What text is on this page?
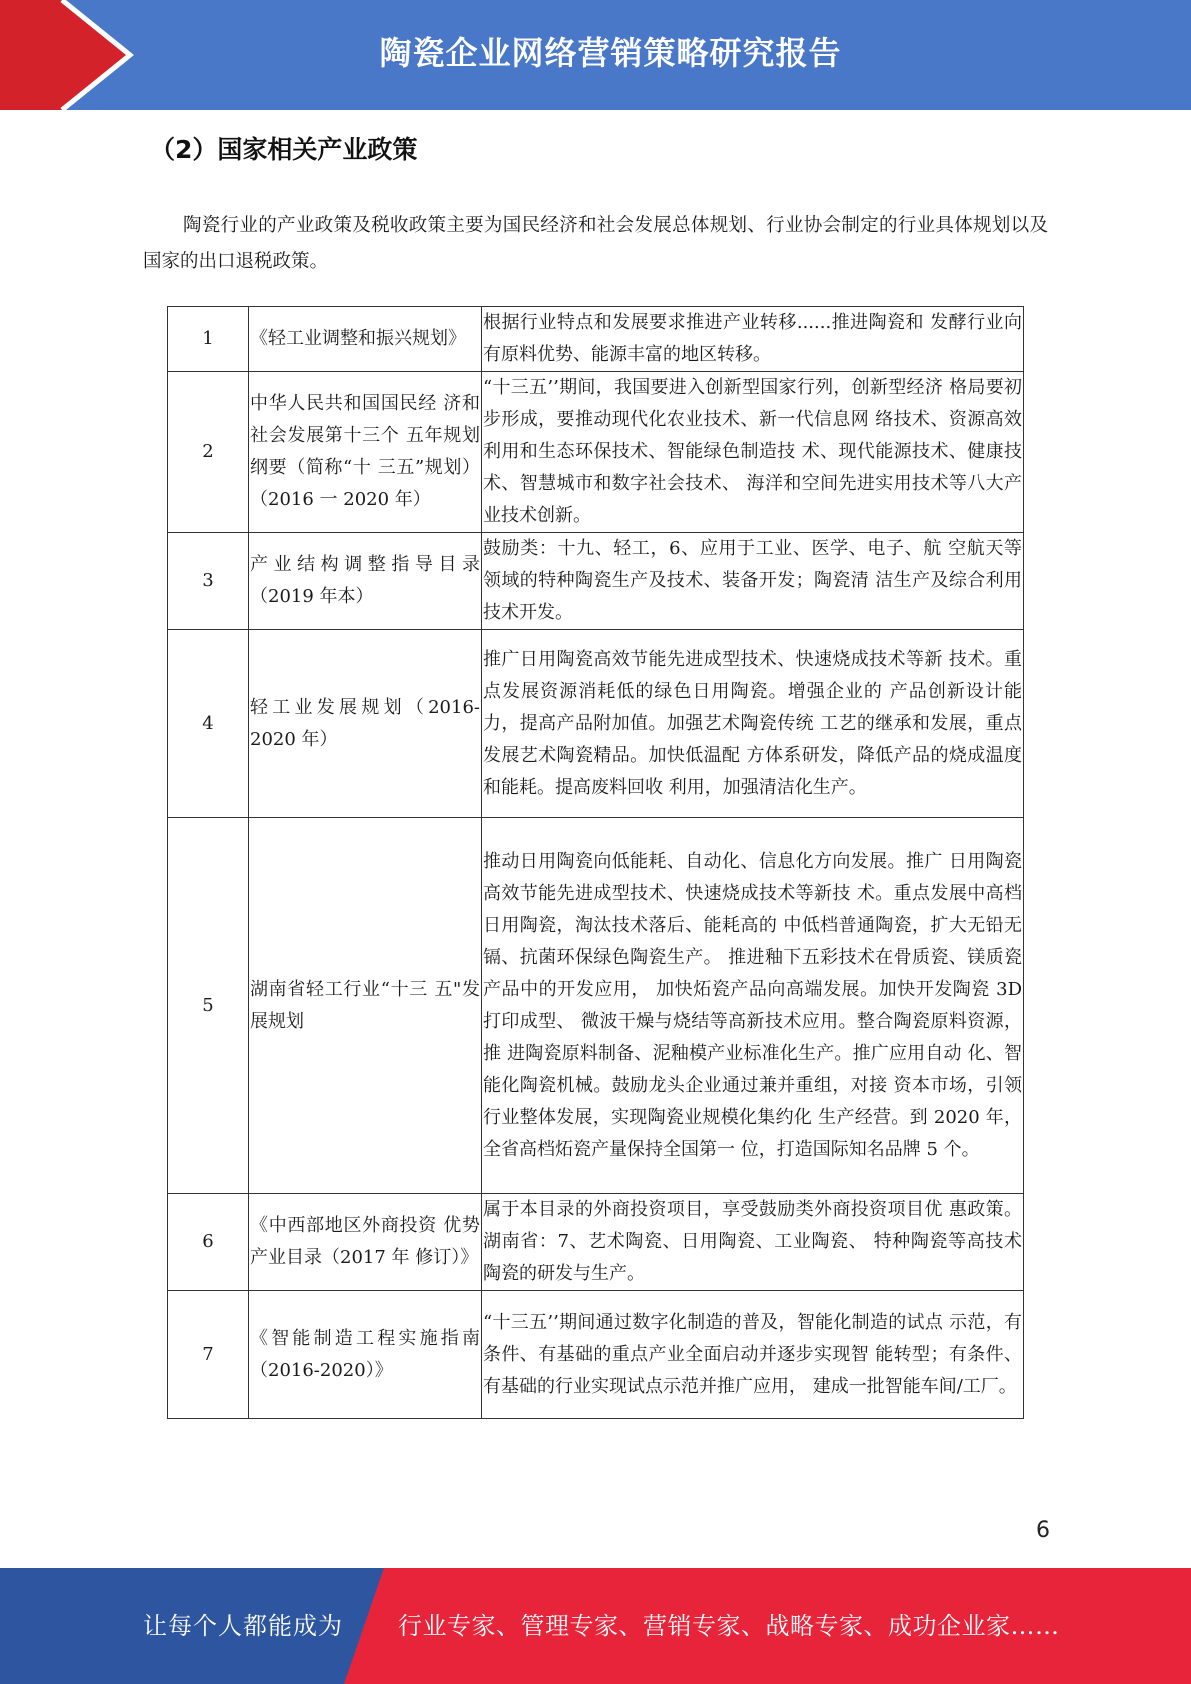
陶瓷企业网络营销策略研究报告
（2）国家相关产业政策
陶瓷行业的产业政策及税收政策主要为国民经济和社会发展总体规划、行业协会制定的行业具体规划以及国家的出口退税政策。
1	《轻工业调整和振兴规划》	根据行业特点和发展要求推进产业转移......推进陶瓷和 发酵行业向有原料优势、能源丰富的地区转移。
2	中华人民共和国国民经 济和社会发展第十三个 五年规划纲要（简称“十 三五”规划）（2016 一 2020 年）	“十三五’’期间，我国要进入创新型国家行列，创新型经济 格局要初步形成，要推动现代化农业技术、新一代信息网 络技术、资源高效利用和生态环保技术、智能绿色制造技 术、现代能源技术、健康技术、智慧城市和数字社会技术、 海洋和空间先进实用技术等八大产业技术创新。
3	产业结构调整指导目录（2019 年本）	鼓励类：十九、轻工，6、应用于工业、医学、电子、航 空航天等领域的特种陶瓷生产及技术、装备开发；陶瓷清 洁生产及综合利用技术开发。
4	轻工业发展规划（2016-2020 年）	推广日用陶瓷高效节能先进成型技术、快速烧成技术等新 技术。重点发展资源消耗低的绿色日用陶瓷。增强企业的 产品创新设计能力，提高产品附加值。加强艺术陶瓷传统 工艺的继承和发展，重点发展艺术陶瓷精品。加快低温配 方体系研发，降低产品的烧成温度和能耗。提高废料回收 利用，加强清洁化生产。
5	湖南省轻工行业“十三 五"发展规划	推动日用陶瓷向低能耗、自动化、信息化方向发展。推广 日用陶瓷高效节能先进成型技术、快速烧成技术等新技 术。重点发展中高档日用陶瓷，淘汰技术落后、能耗高的 中低档普通陶瓷，扩大无铅无镉、抗菌环保绿色陶瓷生产。 推进釉下五彩技术在骨质瓷、镁质瓷产品中的开发应用， 加快炻瓷产品向高端发展。加快开发陶瓷 3D 打印成型、 微波干燥与烧结等高新技术应用。整合陶瓷原料资源，推 进陶瓷原料制备、泥釉模产业标准化生产。推广应用自动 化、智能化陶瓷机械。鼓励龙头企业通过兼并重组，对接 资本市场，引领行业整体发展，实现陶瓷业规模化集约化 生产经营。到 2020 年，全省高档炻瓷产量保持全国第一 位，打造国际知名品牌 5 个。
6	《中西部地区外商投资 优势产业目录（2017 年 修订）》	属于本目录的外商投资项目，享受鼓励类外商投资项目优 惠政策。湖南省：7、艺术陶瓷、日用陶瓷、工业陶瓷、 特种陶瓷等高技术陶瓷的研发与生产。
7	《智能制造工程实施指南（2016-2020）》	“十三五’’期间通过数字化制造的普及，智能化制造的试点 示范，有条件、有基础的重点产业全面启动并逐步实现智 能转型；有条件、有基础的行业实现试点示范并推广应用， 建成一批智能车间/工厂。
6
让每个人都能成为 行业专家、管理专家、营销专家、战略专家、成功企业家……
